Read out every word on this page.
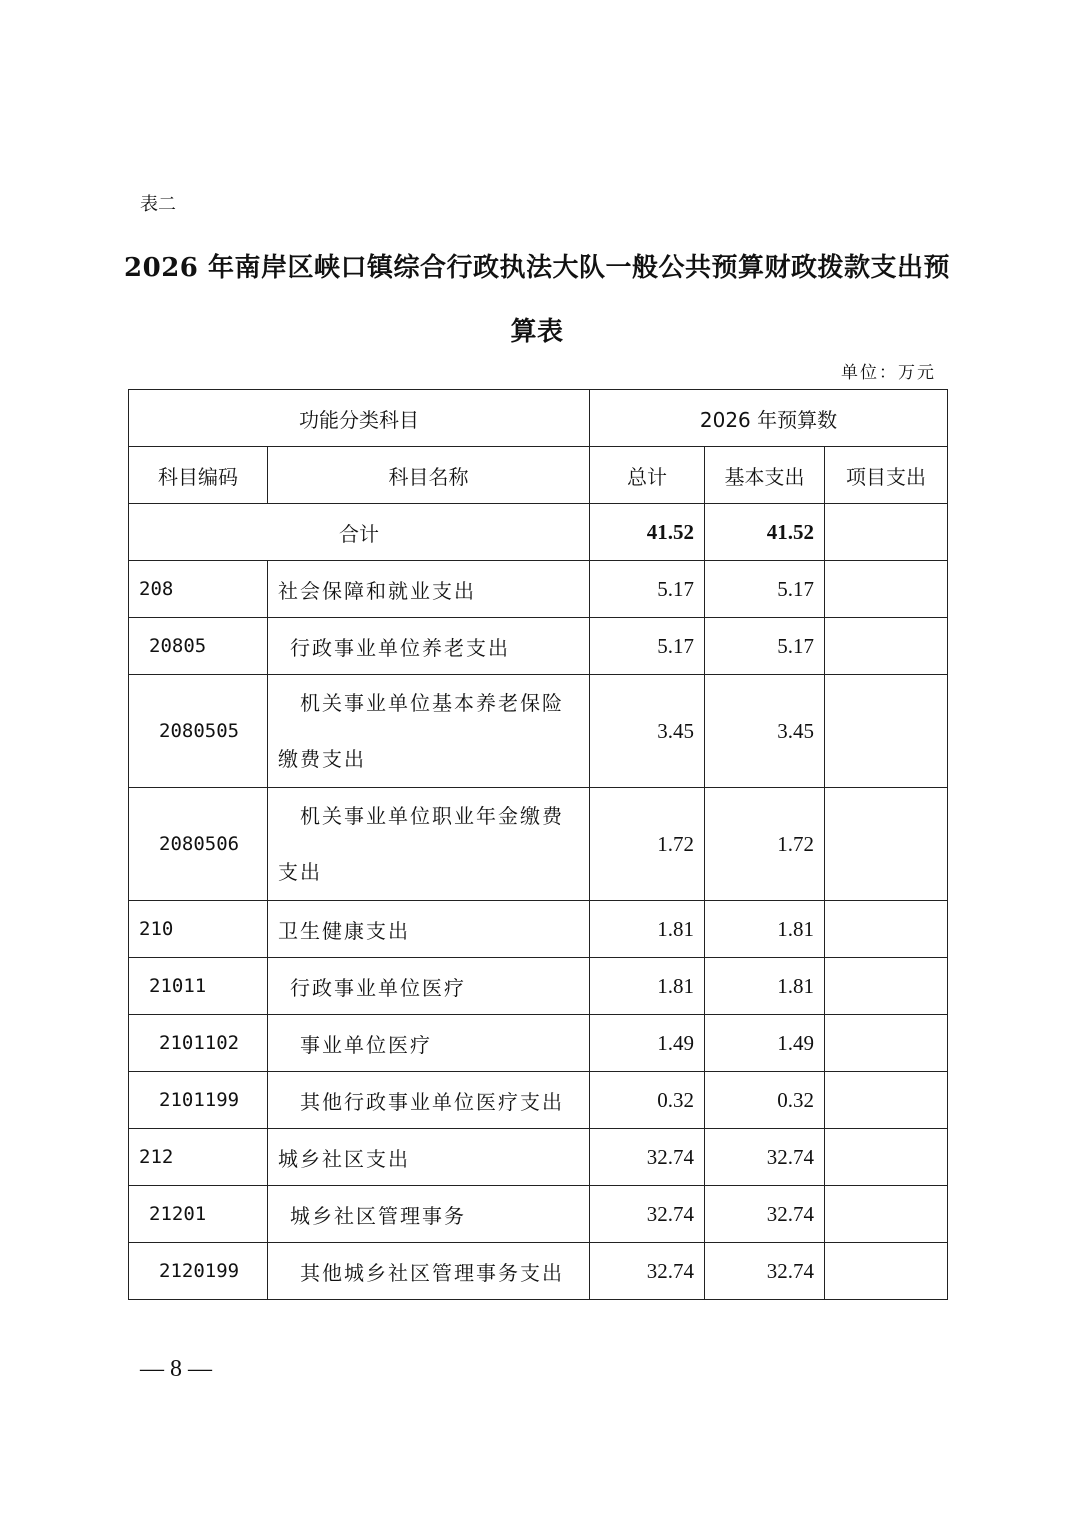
表二
2026 年南岸区峡口镇综合行政执法大队一般公共预算财政拨款支出预算表
单位：万元
功能分类科目		2026 年预算数		
科目编码	科目名称	总计	基本支出	项目支出
合计		41.52	41.52	
208	社会保障和就业支出	5.17	5.17	
20805	行政事业单位养老支出	5.17	5.17	
2080505	机关事业单位基本养老保险缴费支出	3.45	3.45	
2080506	机关事业单位职业年金缴费支出	1.72	1.72	
210	卫生健康支出	1.81	1.81	
21011	行政事业单位医疗	1.81	1.81	
2101102	事业单位医疗	1.49	1.49	
2101199	其他行政事业单位医疗支出	0.32	0.32	
212	城乡社区支出	32.74	32.74	
21201	城乡社区管理事务	32.74	32.74	
2120199	其他城乡社区管理事务支出	32.74	32.74	
— 8 —
